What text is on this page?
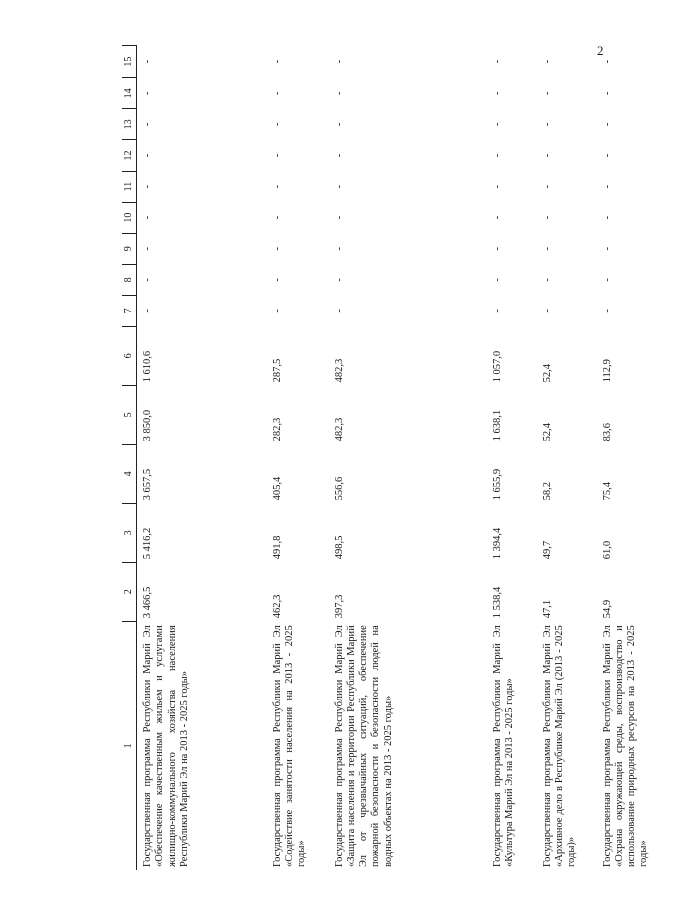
2
1	2	3	4	5	6	7	8	9	10	11	12	13	14	15
Государственная программа Республики Марий Эл «Обеспечение качественным жильем и услугами жилищно-коммунального хозяйства населения Республики Марий Эл на 2013 - 2025 годы»	3 466,5	5 416,2	3 657,5	3 850,0	1 610,6	-	-	-	-	-	-	-	-	-
Государственная программа Республики Марий Эл «Содействие занятости населения на 2013 - 2025 годы»	462,3	491,8	405,4	282,3	287,5	-	-	-	-	-	-	-	-	-
Государственная программа Республики Марий Эл «Защита населения и территории Республики Марий Эл от чрезвычайных ситуаций, обеспечение пожарной безопасности и безопасности людей на водных объектах на 2013 - 2025 годы»	397,3	498,5	556,6	482,3	482,3	-	-	-	-	-	-	-	-	-
Государственная программа Республики Марий Эл «Культура Марий Эл на 2013 - 2025 годы»	1 538,4	1 394,4	1 655,9	1 638,1	1 057,0	-	-	-	-	-	-	-	-	-
Государственная программа Республики Марий Эл «Архивное дело в Республике Марий Эл (2013 - 2025 годы)»	47,1	49,7	58,2	52,4	52,4	-	-	-	-	-	-	-	-	-
Государственная программа Республики Марий Эл «Охрана окружающей среды, воспроизводство и использование природных ресурсов на 2013 - 2025 годы»	54,9	61,0	75,4	83,6	112,9	-	-	-	-	-	-	-	-	-
